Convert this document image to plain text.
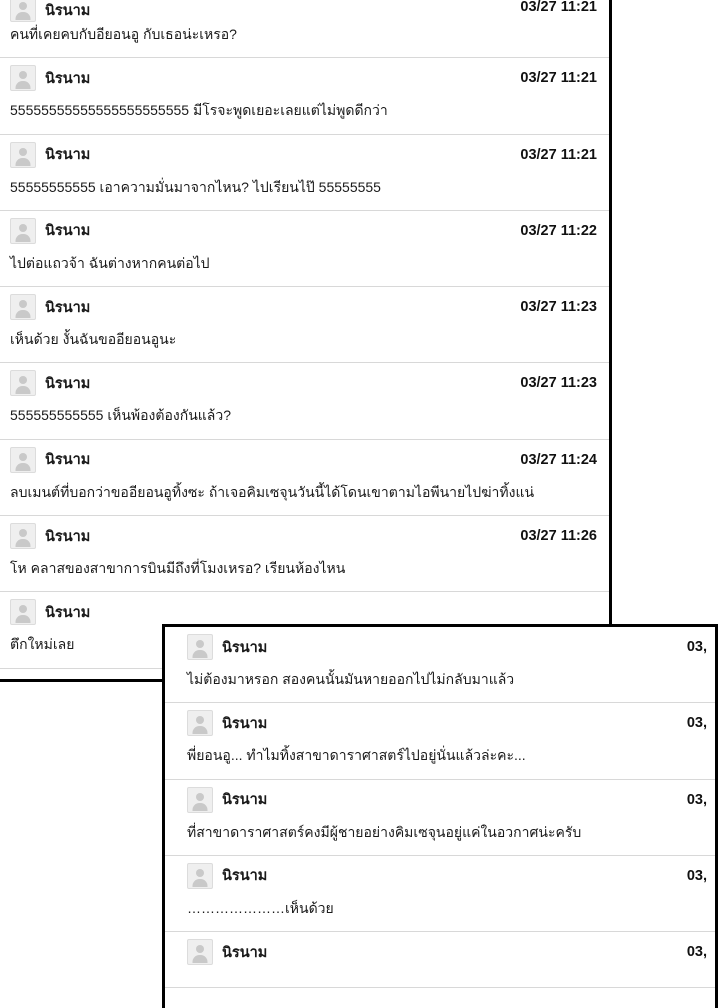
นิรนาม	03/27 11:21
คนที่เคยคบกับอียอนอู กับเธอน่ะเหรอ?
นิรนาม	03/27 11:21
55555555555555555555555 มีโรจะพูดเยอะเลยแต่ไม่พูดดีกว่า
นิรนาม	03/27 11:21
55555555555 เอาความมั่นมาจากไหน? ไปเรียนไป๊ 55555555
นิรนาม	03/27 11:22
ไปต่อแถวจ้า ฉันต่างหากคนต่อไป
นิรนาม	03/27 11:23
เห็นด้วย งั้นฉันขออียอนอูนะ
นิรนาม	03/27 11:23
555555555555 เห็นพ้องต้องกันแล้ว?
นิรนาม	03/27 11:24
ลบเมนต์ที่บอกว่าขออียอนอูทิ้งซะ ถ้าเจอคิมเซจุนวันนี้ได้โดนเขาตามไอพีนายไปฆ่าทิ้งแน่
นิรนาม	03/27 11:26
โห คลาสของสาขาการบินมีถึงที่โมงเหรอ? เรียนห้องไหน
นิรนาม
ตึกใหม่เลย	นิรนาม	03,
ไม่ต้องมาหรอก สองคนนั้นมันหายออกไปไม่กลับมาแล้ว
นิรนาม	03,
พี่ยอนอู... ทำไมทิ้งสาขาดาราศาสตร์ไปอยู่นั่นแล้วล่ะคะ...
นิรนาม	03,
ที่สาขาดาราศาสตร์คงมีผู้ชายอย่างคิมเซจุนอยู่แค่ในอวกาศน่ะครับ
นิรนาม	03,
…………………เห็นด้วย
นิรนาม	03,
